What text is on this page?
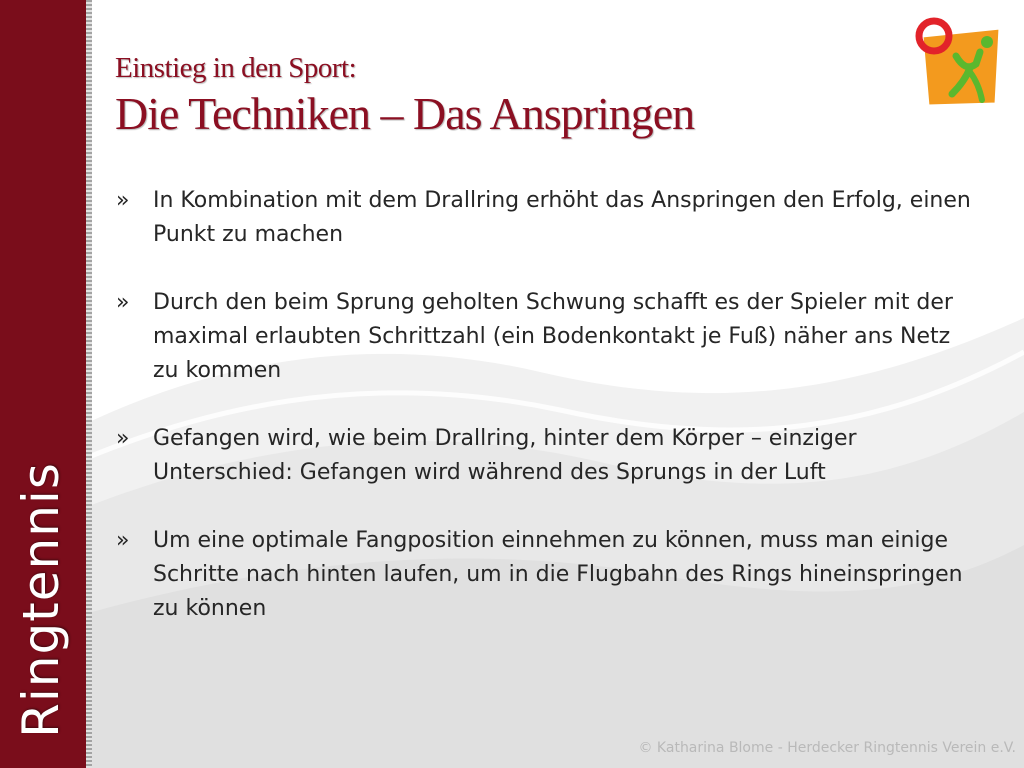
Ringtennis
Einstieg in den Sport:
Die Techniken – Das Anspringen
» In Kombination mit dem Drallring erhöht das Anspringen den Erfolg, einen Punkt zu machen
» Durch den beim Sprung geholten Schwung schafft es der Spieler mit der maximal erlaubten Schrittzahl (ein Bodenkontakt je Fuß) näher ans Netz zu kommen
» Gefangen wird, wie beim Drallring, hinter dem Körper – einziger Unterschied: Gefangen wird während des Sprungs in der Luft
» Um eine optimale Fangposition einnehmen zu können, muss man einige Schritte nach hinten laufen, um in die Flugbahn des Rings hineinspringen zu können
© Katharina Blome - Herdecker Ringtennis Verein e.V.
